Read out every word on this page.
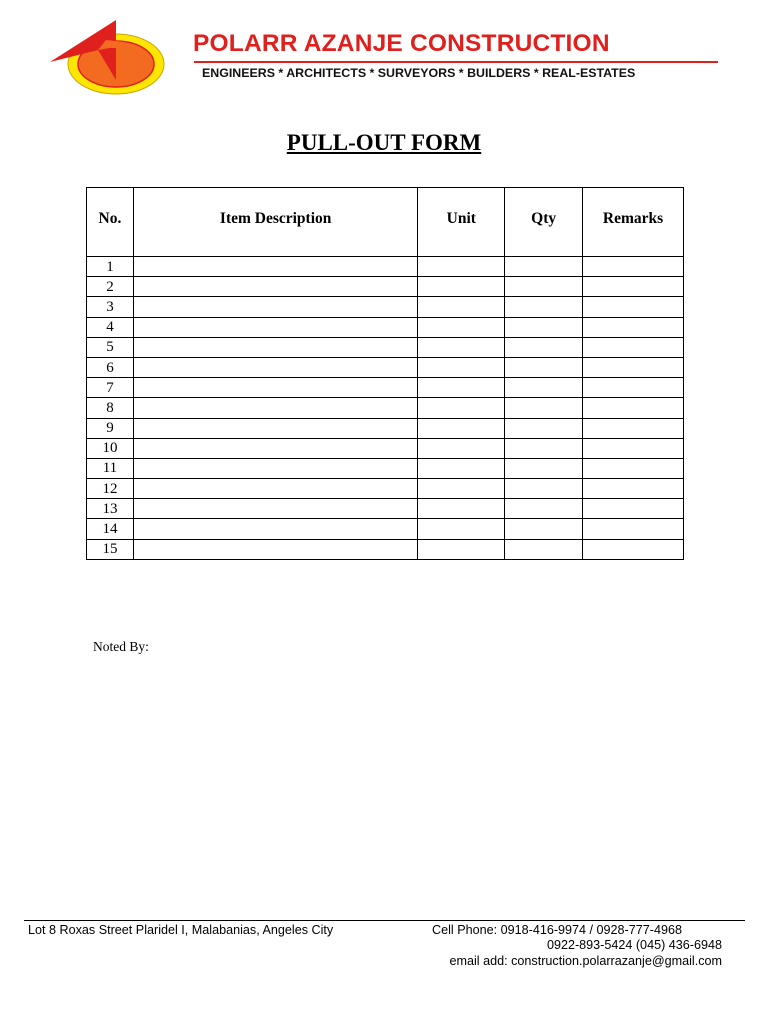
POLARR AZANJE CONSTRUCTION
ENGINEERS * ARCHITECTS * SURVEYORS * BUILDERS * REAL-ESTATES
PULL-OUT FORM
No.	Item Description	Unit	Qty	Remarks
1				
2				
3				
4				
5				
6				
7				
8				
9				
10				
11				
12				
13				
14				
15				
Noted By:
Lot 8 Roxas Street Plaridel I, Malabanias, Angeles City	Cell Phone: 0918-416-9974 / 0928-777-4968
0922-893-5424 (045) 436-6948
email add: construction.polarrazanje@gmail.com
